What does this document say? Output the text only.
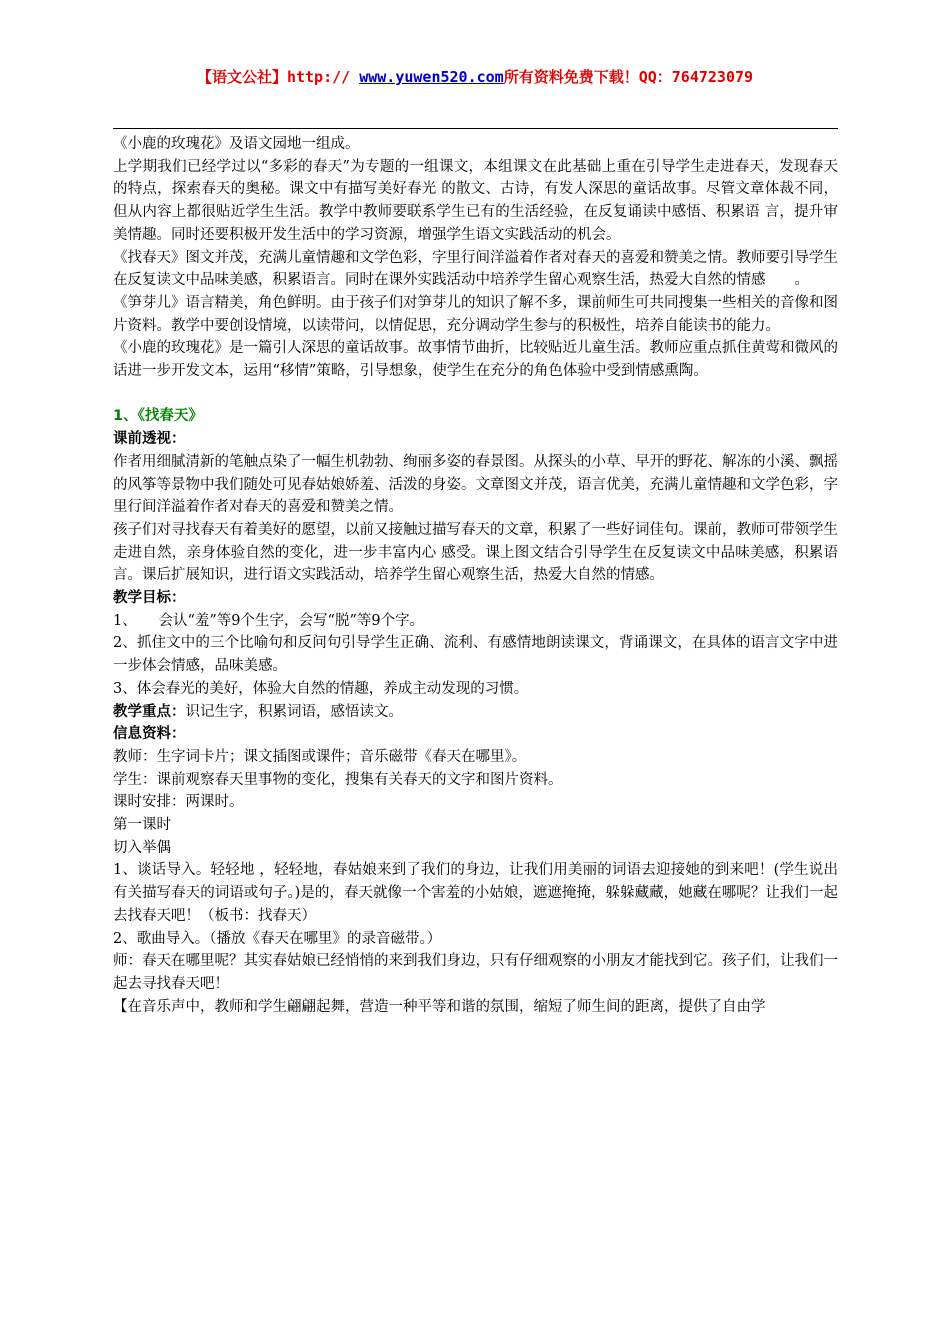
【语文公社】http:// www.yuwen520.com所有资料免费下载！QQ：764723079

《小鹿的玫瑰花》及语文园地一组成。

上学期我们已经学过以“多彩的春天”为专题的一组课文，本组课文在此基础上重在引导学生走进春天，发现春天的特点，探索春天的奥秘。课文中有描写美好春光 的散文、古诗，有发人深思的童话故事。尽管文章体裁不同，但从内容上都很贴近学生生活。教学中教师要联系学生已有的生活经验，在反复诵读中感悟、积累语 言，提升审美情趣。同时还要积极开发生活中的学习资源，增强学生语文实践活动的机会。

《找春天》图文并茂，充满儿童情趣和文学色彩，字里行间洋溢着作者对春天的喜爱和赞美之情。教师要引导学生在反复读文中品味美感，积累语言。同时在课外实践活动中培养学生留心观察生活，热爱大自然的情感　　。

《笋芽儿》语言精美，角色鲜明。由于孩子们对笋芽儿的知识了解不多，课前师生可共同搜集一些相关的音像和图片资料。教学中要创设情境，以读带问，以情促思，充分调动学生参与的积极性，培养自能读书的能力。

《小鹿的玫瑰花》是一篇引人深思的童话故事。故事情节曲折，比较贴近儿童生活。教师应重点抓住黄莺和微风的话进一步开发文本，运用“移情”策略，引导想象，使学生在充分的角色体验中受到情感熏陶。

1、《找春天》

课前透视：

作者用细腻清新的笔触点染了一幅生机勃勃、绚丽多姿的春景图。从探头的小草、早开的野花、解冻的小溪、飘摇的风筝等景物中我们随处可见春姑娘娇羞、活泼的身姿。文章图文并茂，语言优美，充满儿童情趣和文学色彩，字里行间洋溢着作者对春天的喜爱和赞美之情。

孩子们对寻找春天有着美好的愿望，以前又接触过描写春天的文章，积累了一些好词佳句。课前，教师可带领学生走进自然，亲身体验自然的变化，进一步丰富内心 感受。课上图文结合引导学生在反复读文中品味美感，积累语言。课后扩展知识，进行语文实践活动，培养学生留心观察生活，热爱大自然的情感。

教学目标：

1、　　会认“羞”等9个生字，会写“脱”等9个字。

2、抓住文中的三个比喻句和反问句引导学生正确、流利、有感情地朗读课文，背诵课文，在具体的语言文字中进一步体会情感，品味美感。

3、体会春光的美好，体验大自然的情趣，养成主动发现的习惯。

教学重点：识记生字，积累词语，感悟读文。

信息资料：

教师：生字词卡片；课文插图或课件；音乐磁带《春天在哪里》。

学生：课前观察春天里事物的变化，搜集有关春天的文字和图片资料。

课时安排：两课时。

第一课时

切入举偶

1、谈话导入。轻轻地 ，轻轻地，春姑娘来到了我们的身边，让我们用美丽的词语去迎接她的到来吧！(学生说出有关描写春天的词语或句子。)是的，春天就像一个害羞的小姑娘，遮遮掩掩，躲躲藏藏，她藏在哪呢？让我们一起去找春天吧！（板书：找春天）

2、歌曲导入。（播放《春天在哪里》的录音磁带。）

师：春天在哪里呢？其实春姑娘已经悄悄的来到我们身边，只有仔细观察的小朋友才能找到它。孩子们，让我们一起去寻找春天吧！

【在音乐声中，教师和学生翩翩起舞，营造一种平等和谐的氛围，缩短了师生间的距离，提供了自由学
